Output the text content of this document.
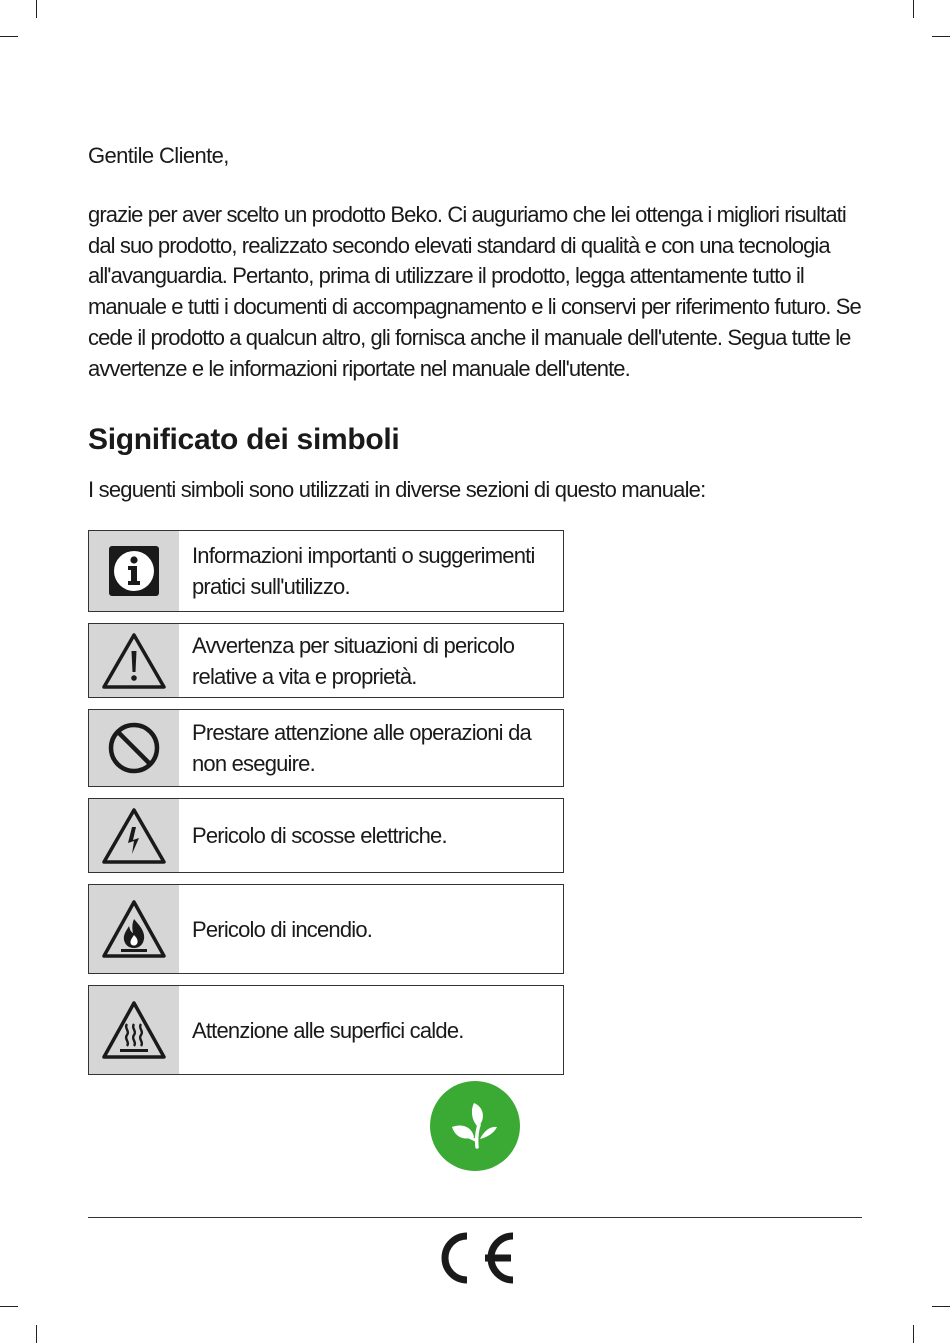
Gentile Cliente,

grazie per aver scelto un prodotto Beko. Ci auguriamo che lei ottenga i migliori risultati
dal suo prodotto, realizzato secondo elevati standard di qualità e con una tecnologia
all'avanguardia. Pertanto, prima di utilizzare il prodotto, legga attentamente tutto il
manuale e tutti i documenti di accompagnamento e li conservi per riferimento futuro. Se
cede il prodotto a qualcun altro, gli fornisca anche il manuale dell'utente. Segua tutte le
avvertenze e le informazioni riportate nel manuale dell'utente.

Significato dei simboli

I seguenti simboli sono utilizzati in diverse sezioni di questo manuale:

Informazioni importanti o suggerimenti
pratici sull'utilizzo.
Avvertenza per situazioni di pericolo
relative a vita e proprietà.
Prestare attenzione alle operazioni da
non eseguire.
Pericolo di scosse elettriche.
Pericolo di incendio.
Attenzione alle superfici calde.
